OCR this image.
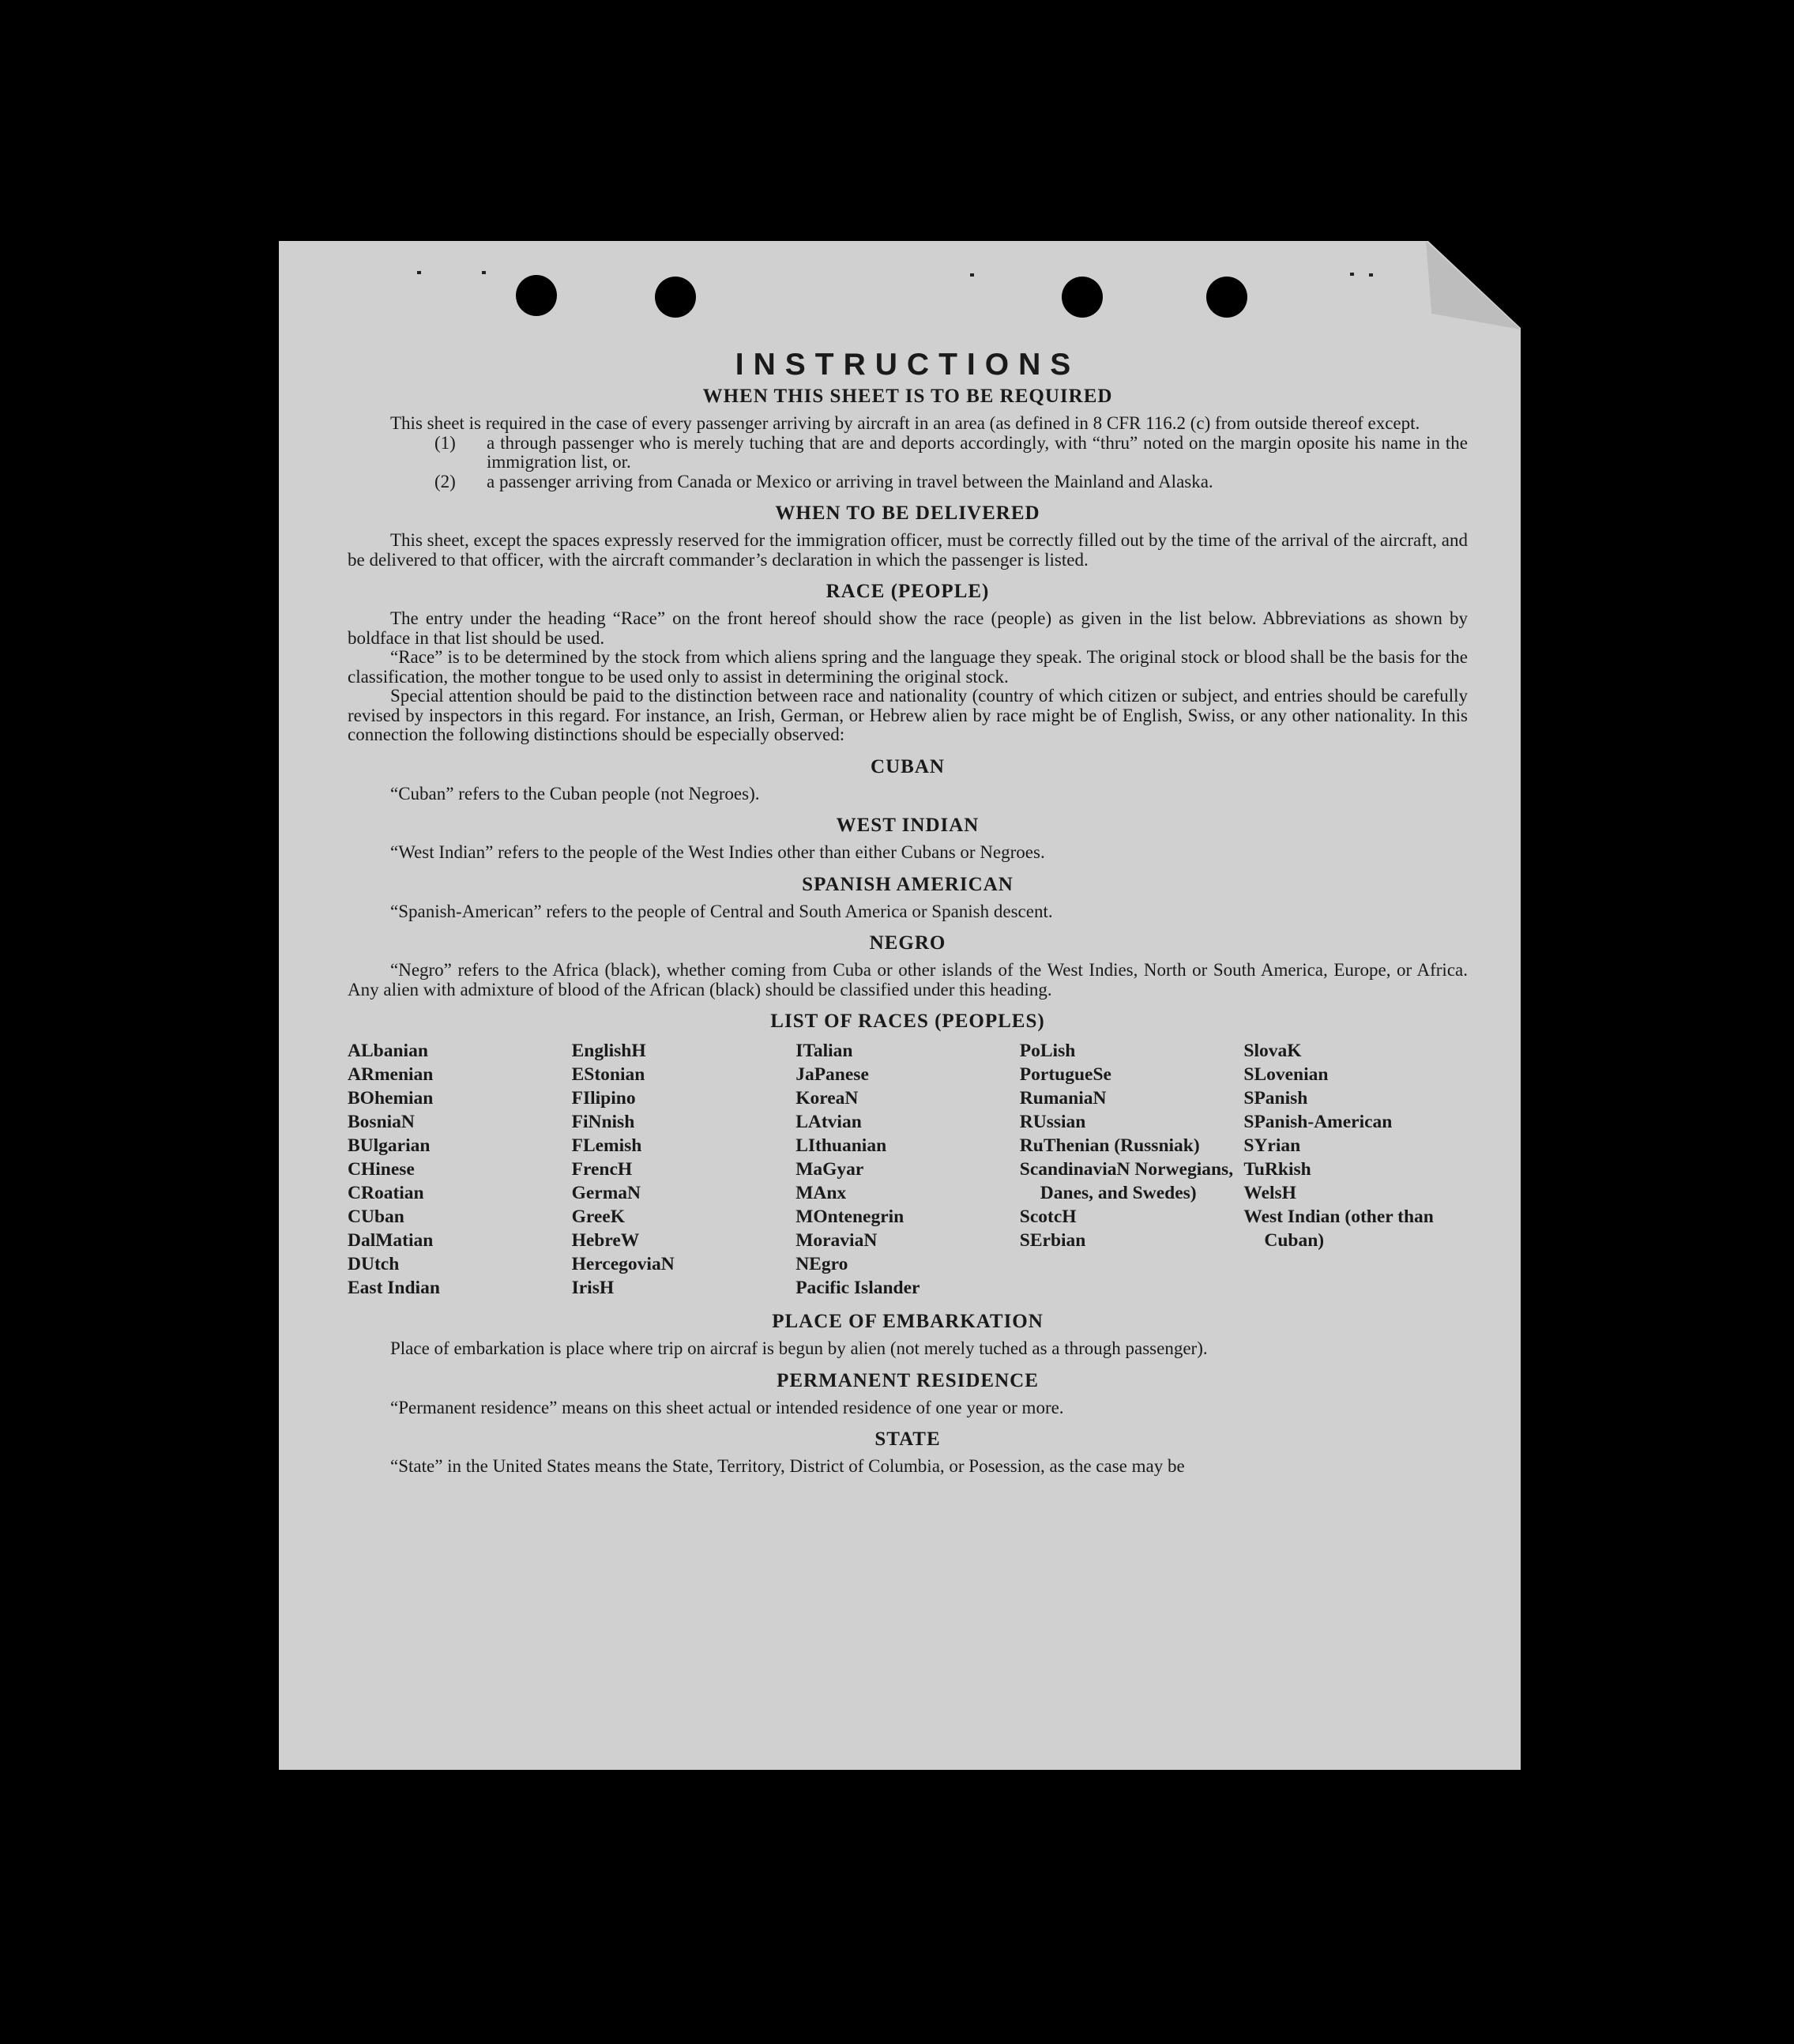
INSTRUCTIONS
WHEN THIS SHEET IS TO BE REQUIRED

This sheet is required in the case of every passenger arriving by aircraft in an area (as defined in 8 CFR 116.2 (c) from outside thereof except.

(1)	a through passenger who is merely tuching that are and deports accordingly, with “thru” noted on the margin oposite his name in the immigration list, or.
(2)	a passenger arriving from Canada or Mexico or arriving in travel between the Mainland and Alaska.
WHEN TO BE DELIVERED

This sheet, except the spaces expressly reserved for the immigration officer, must be correctly filled out by the time of the arrival of the aircraft, and be delivered to that officer, with the aircraft commander’s declaration in which the passenger is listed.

RACE (PEOPLE)

The entry under the heading “Race” on the front hereof should show the race (people) as given in the list below. Abbreviations as shown by boldface in that list should be used.

“Race” is to be determined by the stock from which aliens spring and the language they speak. The original stock or blood shall be the basis for the classification, the mother tongue to be used only to assist in determining the original stock.

Special attention should be paid to the distinction between race and nationality (country of which citizen or subject, and entries should be carefully revised by inspectors in this regard. For instance, an Irish, German, or Hebrew alien by race might be of English, Swiss, or any other nationality. In this connection the following distinctions should be especially observed:

CUBAN

“Cuban” refers to the Cuban people (not Negroes).

WEST INDIAN

“West Indian” refers to the people of the West Indies other than either Cubans or Negroes.

SPANISH AMERICAN

“Spanish-American” refers to the people of Central and South America or Spanish descent.

NEGRO

“Negro” refers to the Africa (black), whether coming from Cuba or other islands of the West Indies, North or South America, Europe, or Africa. Any alien with admixture of blood of the African (black) should be classified under this heading.

LIST OF RACES (PEOPLES)
ALbanian
ARmenian
BOhemian
BosniaN
BUlgarian
CHinese
CRoatian
CUban
DalMatian
DUtch
East Indian
EnglishH
EStonian
FIlipino
FiNnish
FLemish
FrencH
GermaN
GreeK
HebreW
HercegoviaN
IrisH
ITalian
JaPanese
KoreaN
LAtvian
LIthuanian
MaGyar
MAnx
MOntenegrin
MoraviaN
NEgro
Pacific Islander
PoLish
PortugueSe
RumaniaN
RUssian
RuThenian (Russniak)
ScandinaviaN Norwegians, Danes, and Swedes)
ScotcH
SErbian
SlovaK
SLovenian
SPanish
SPanish-American
SYrian
TuRkish
WelsH
West Indian (other than Cuban)
PLACE OF EMBARKATION

Place of embarkation is place where trip on aircraf is begun by alien (not merely tuched as a through passenger).

PERMANENT RESIDENCE

“Permanent residence” means on this sheet actual or intended residence of one year or more.

STATE

“State” in the United States means the State, Territory, District of Columbia, or Posession, as the case may be
